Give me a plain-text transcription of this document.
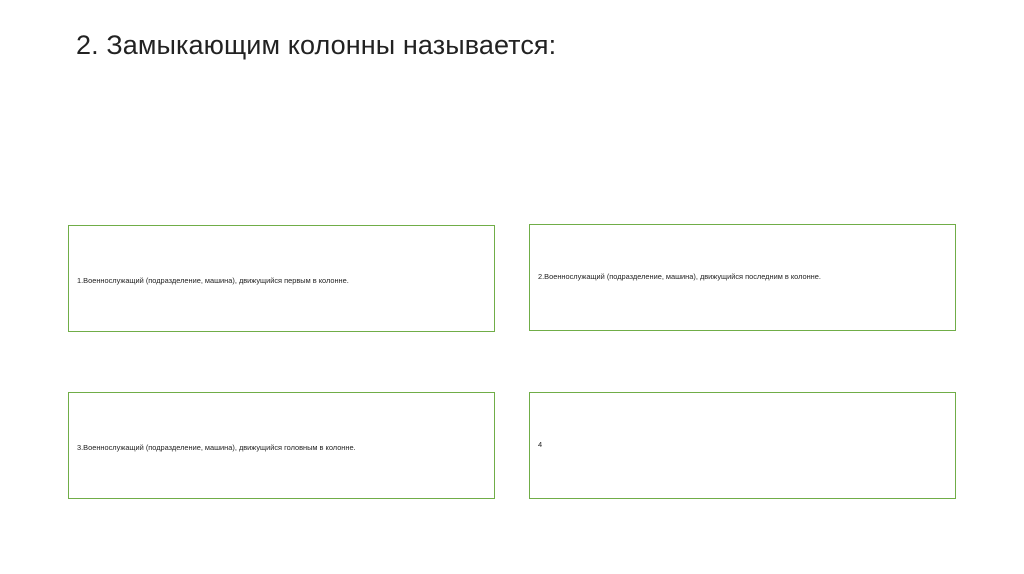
2. Замыкающим колонны называется:
1.Военнослужащий (подразделение, машина), движущийся первым в колонне.	2.Военнослужащий (подразделение, машина), движущийся последним в колонне.
3.Военнослужащий (подразделение, машина), движущийся головным в колонне.	4
